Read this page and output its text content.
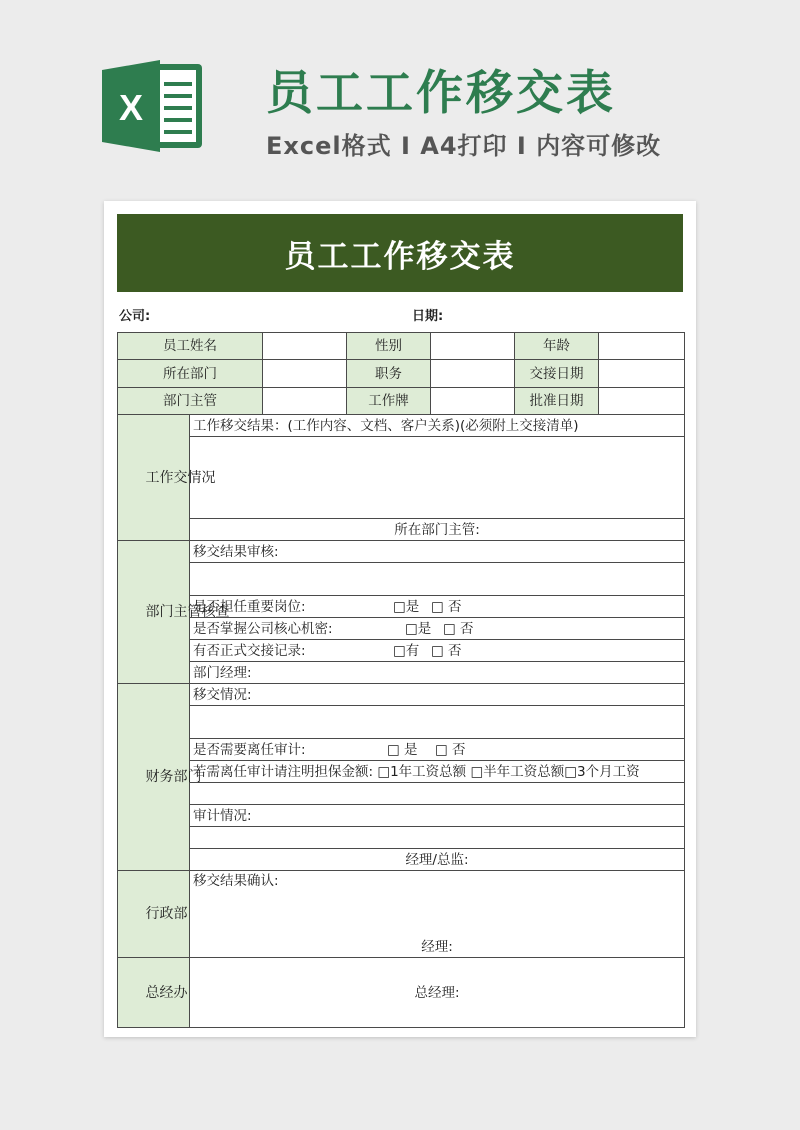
X	员工工作移交表
Excel格式 I A4打印 I 内容可修改
员工工作移交表
公司:	日期:
员工姓名			性别		年龄	
所在部门			职务		交接日期	
部门主管			工作牌		批准日期	
工作交情况	工作移交结果：(工作内容、文档、客户关系)(必须附上交接清单)					

	所在部门主管:					
部门主管核查	移交结果审核:					

	是否担任重要岗位: □是 □ 否					
	是否掌握公司核心机密: □是 □ 否					
	有否正式交接记录: □有 □ 否					
	部门经理:					
财务部门	移交情况:					

	是否需要离任审计: □ 是 □ 否					
	若需离任审计请注明担保金额: □1年工资总额 □半年工资总额□3个月工资					

	审计情况:					

	经理/总监:					
行政部	移交结果确认:
经理:					

总经办	总经理:					
